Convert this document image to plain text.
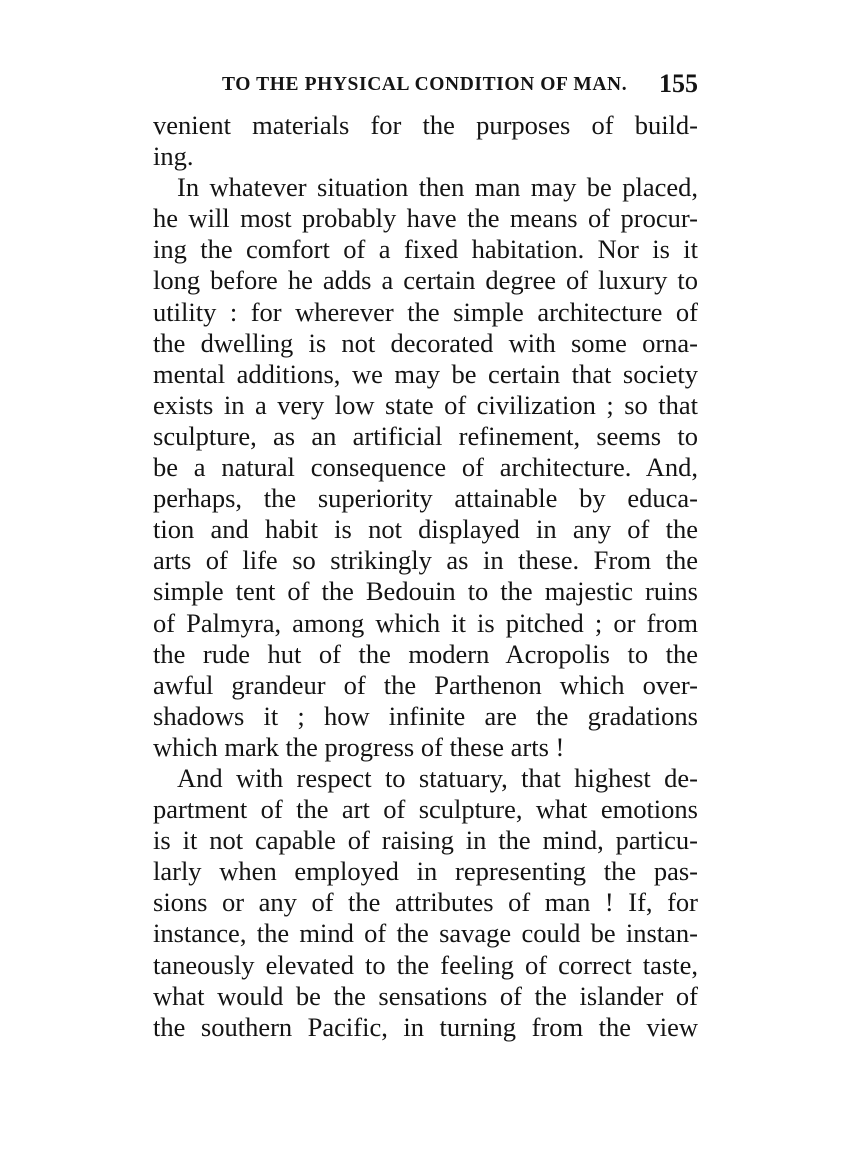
TO THE PHYSICAL CONDITION OF MAN. 155
venient materials for the purposes of build-
ing.
In whatever situation then man may be placed,
he will most probably have the means of procur-
ing the comfort of a fixed habitation. Nor is it
long before he adds a certain degree of luxury to
utility : for wherever the simple architecture of
the dwelling is not decorated with some orna-
mental additions, we may be certain that society
exists in a very low state of civilization ; so that
sculpture, as an artificial refinement, seems to
be a natural consequence of architecture. And,
perhaps, the superiority attainable by educa-
tion and habit is not displayed in any of the
arts of life so strikingly as in these. From the
simple tent of the Bedouin to the majestic ruins
of Palmyra, among which it is pitched ; or from
the rude hut of the modern Acropolis to the
awful grandeur of the Parthenon which over-
shadows it ; how infinite are the gradations
which mark the progress of these arts !
And with respect to statuary, that highest de-
partment of the art of sculpture, what emotions
is it not capable of raising in the mind, particu-
larly when employed in representing the pas-
sions or any of the attributes of man ! If, for
instance, the mind of the savage could be instan-
taneously elevated to the feeling of correct taste,
what would be the sensations of the islander of
the southern Pacific, in turning from the view
